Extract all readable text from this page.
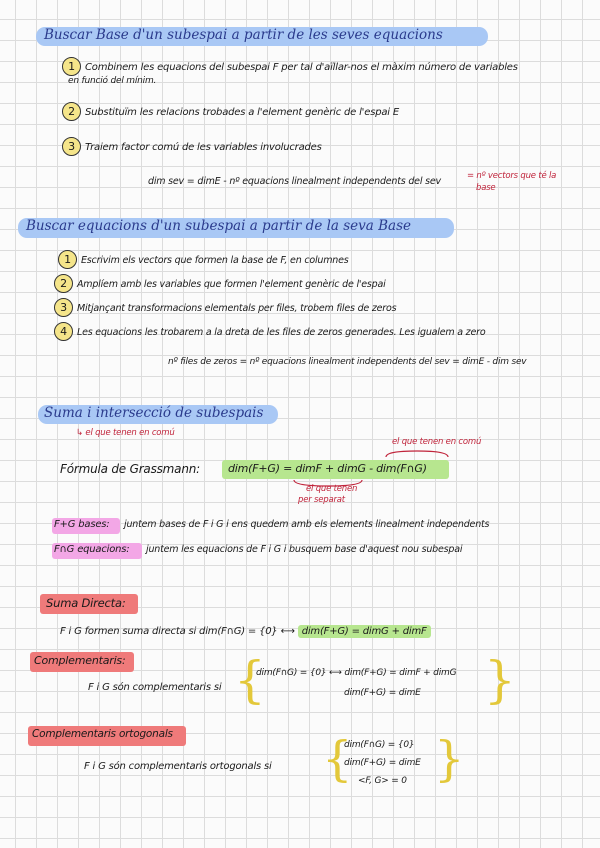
Buscar Base d'un subespai a partir de les seves equacions
1 Combinem les equacions del subespai F per tal d'aïllar-nos el màxim número de variables
en funció del mínim.
2 Substituïm les relacions trobades a l'element genèric de l'espai E
3 Traiem factor comú de les variables involucrades
dim sev = dimE - nº equacions linealment independents del sev	= nº vectors que té la
base
Buscar equacions d'un subespai a partir de la seva Base
1 Escrivim els vectors que formen la base de F, en columnes
2 Amplíem amb les variables que formen l'element genèric de l'espai
3 Mitjançant transformacions elementals per files, trobem files de zeros
4 Les equacions les trobarem a la dreta de les files de zeros generades. Les igualem a zero
nº files de zeros = nº equacions linealment independents del sev = dimE - dim sev
Suma i intersecció de subespais
↳ el que tenen en comú
el que tenen en comú
Fórmula de Grassmann:	dim(F+G) = dimF + dimG - dim(F∩G)
el que tenen
per separat
F+G bases: juntem bases de F i G i ens quedem amb els elements linealment independents
F∩G equacions: juntem les equacions de F i G i busquem base d'aquest nou subespai
Suma Directa:
F i G formen suma directa si dim(F∩G) = {0} ⟷ dim(F+G) = dimG + dimF
Complementaris:
F i G són complementaris si {
dim(F∩G) = {0} ⟷ dim(F+G) = dimF + dimG
dim(F+G) = dimE }
Complementaris ortogonals
F i G són complementaris ortogonals si {
dim(F∩G) = {0}
dim(F+G) = dimE
<F, G> = 0 }
